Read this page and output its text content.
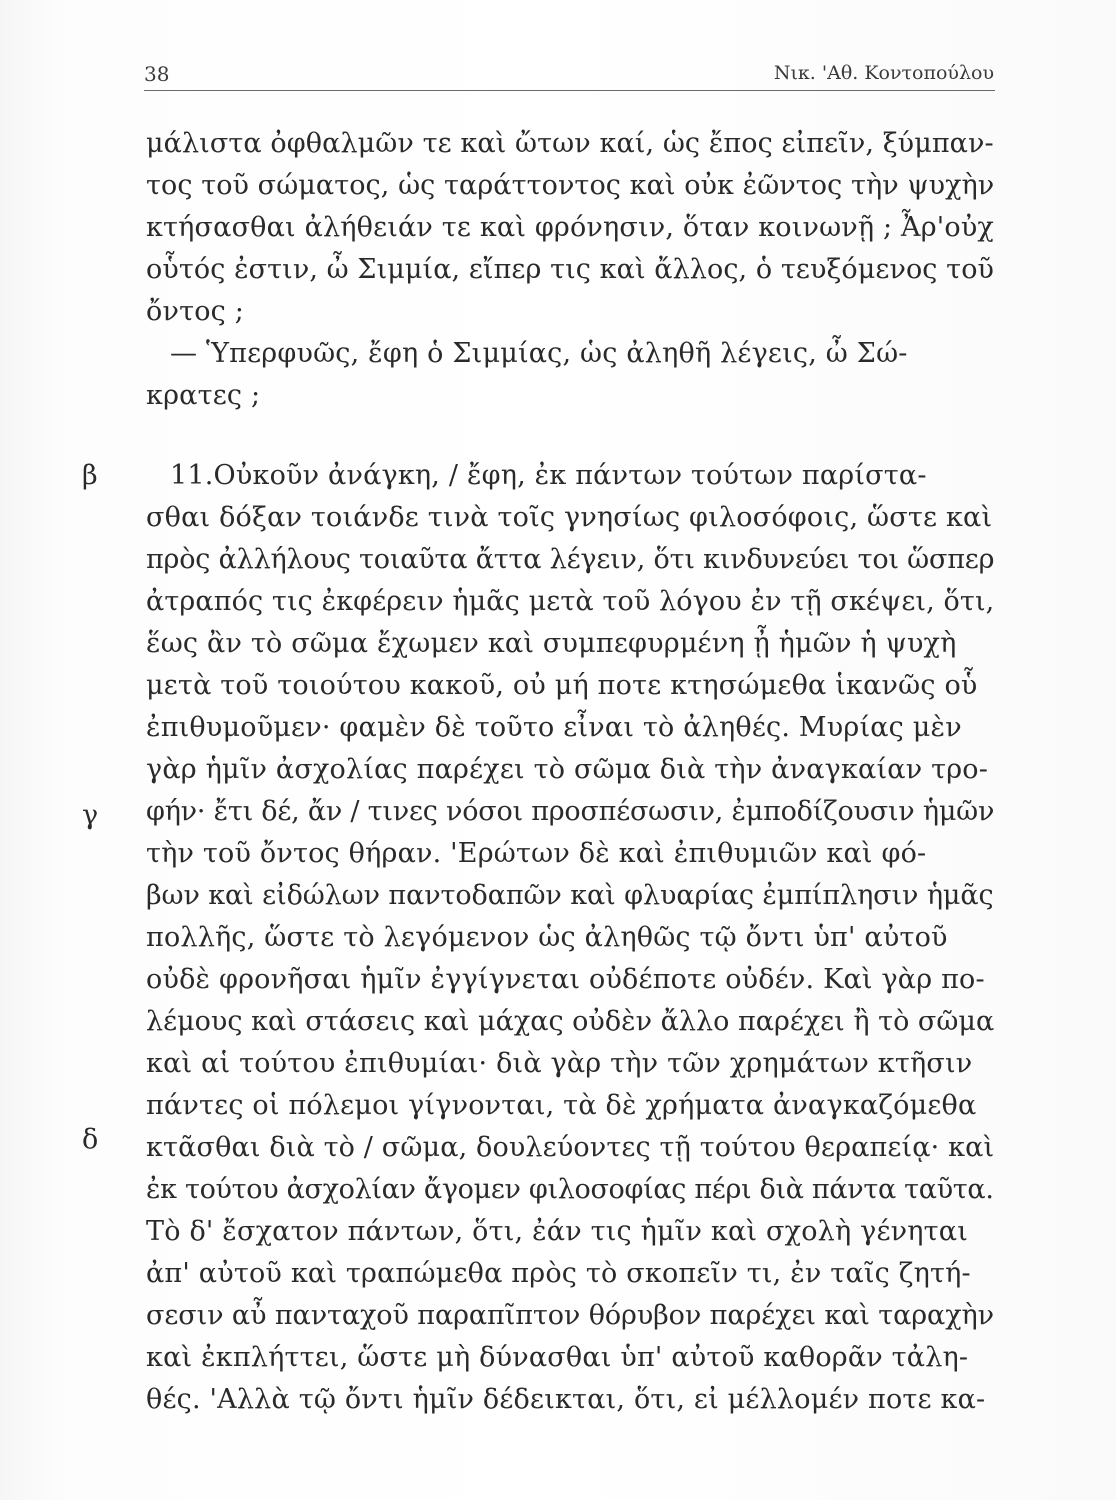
38	Νικ. 'Αθ. Κοντοπούλου
β
γ
δ
μάλιστα ὀφθαλμῶν τε καὶ ὤτων καί, ὡς ἔπος εἰπεῖν, ξύμπαν-
τος τοῦ σώματος, ὡς ταράττοντος καὶ οὐκ ἐῶντος τὴν ψυχὴν
κτήσασθαι ἀλήθειάν τε καὶ φρόνησιν, ὅταν κοινωνῇ ; Ἆρ'οὐχ
οὗτός ἐστιν, ὦ Σιμμία, εἴπερ τις καὶ ἄλλος, ὁ τευξόμενος τοῦ
ὄντος ;
— Ὑπερφυῶς, ἔφη ὁ Σιμμίας, ὡς ἀληθῆ λέγεις, ὦ Σώ-
κρατες ;
11.Οὐκοῦν ἀνάγκη, / ἔφη, ἐκ πάντων τούτων παρίστα-
σθαι δόξαν τοιάνδε τινὰ τοῖς γνησίως φιλοσόφοις, ὥστε καὶ
πρὸς ἀλλήλους τοιαῦτα ἄττα λέγειν, ὅτι κινδυνεύει τοι ὥσπερ
ἀτραπός τις ἐκφέρειν ἡμᾶς μετὰ τοῦ λόγου ἐν τῇ σκέψει, ὅτι,
ἕως ἂν τὸ σῶμα ἔχωμεν καὶ συμπεφυρμένη ᾖ ἡμῶν ἡ ψυχὴ
μετὰ τοῦ τοιούτου κακοῦ, οὐ μή ποτε κτησώμεθα ἱκανῶς οὗ
ἐπιθυμοῦμεν· φαμὲν δὲ τοῦτο εἶναι τὸ ἀληθές. Μυρίας μὲν
γὰρ ἡμῖν ἀσχολίας παρέχει τὸ σῶμα διὰ τὴν ἀναγκαίαν τρο-
φήν· ἔτι δέ, ἄν / τινες νόσοι προσπέσωσιν, ἐμποδίζουσιν ἡμῶν
τὴν τοῦ ὄντος θήραν. 'Ερώτων δὲ καὶ ἐπιθυμιῶν καὶ φό-
βων καὶ εἰδώλων παντοδαπῶν καὶ φλυαρίας ἐμπίπλησιν ἡμᾶς
πολλῆς, ὥστε τὸ λεγόμενον ὡς ἀληθῶς τῷ ὄντι ὑπ' αὐτοῦ
οὐδὲ φρονῆσαι ἡμῖν ἐγγίγνεται οὐδέποτε οὐδέν. Καὶ γὰρ πο-
λέμους καὶ στάσεις καὶ μάχας οὐδὲν ἄλλο παρέχει ἢ τὸ σῶμα
καὶ αἱ τούτου ἐπιθυμίαι· διὰ γὰρ τὴν τῶν χρημάτων κτῆσιν
πάντες οἱ πόλεμοι γίγνονται, τὰ δὲ χρήματα ἀναγκαζόμεθα
κτᾶσθαι διὰ τὸ / σῶμα, δουλεύοντες τῇ τούτου θεραπείᾳ· καὶ
ἐκ τούτου ἀσχολίαν ἄγομεν φιλοσοφίας πέρι διὰ πάντα ταῦτα.
Τὸ δ' ἔσχατον πάντων, ὅτι, ἐάν τις ἡμῖν καὶ σχολὴ γένηται
ἀπ' αὐτοῦ καὶ τραπώμεθα πρὸς τὸ σκοπεῖν τι, ἐν ταῖς ζητή-
σεσιν αὖ πανταχοῦ παραπῖπτον θόρυβον παρέχει καὶ ταραχὴν
καὶ ἐκπλήττει, ὥστε μὴ δύνασθαι ὑπ' αὐτοῦ καθορᾶν τἀλη-
θές. 'Αλλὰ τῷ ὄντι ἡμῖν δέδεικται, ὅτι, εἰ μέλλομέν ποτε κα-
